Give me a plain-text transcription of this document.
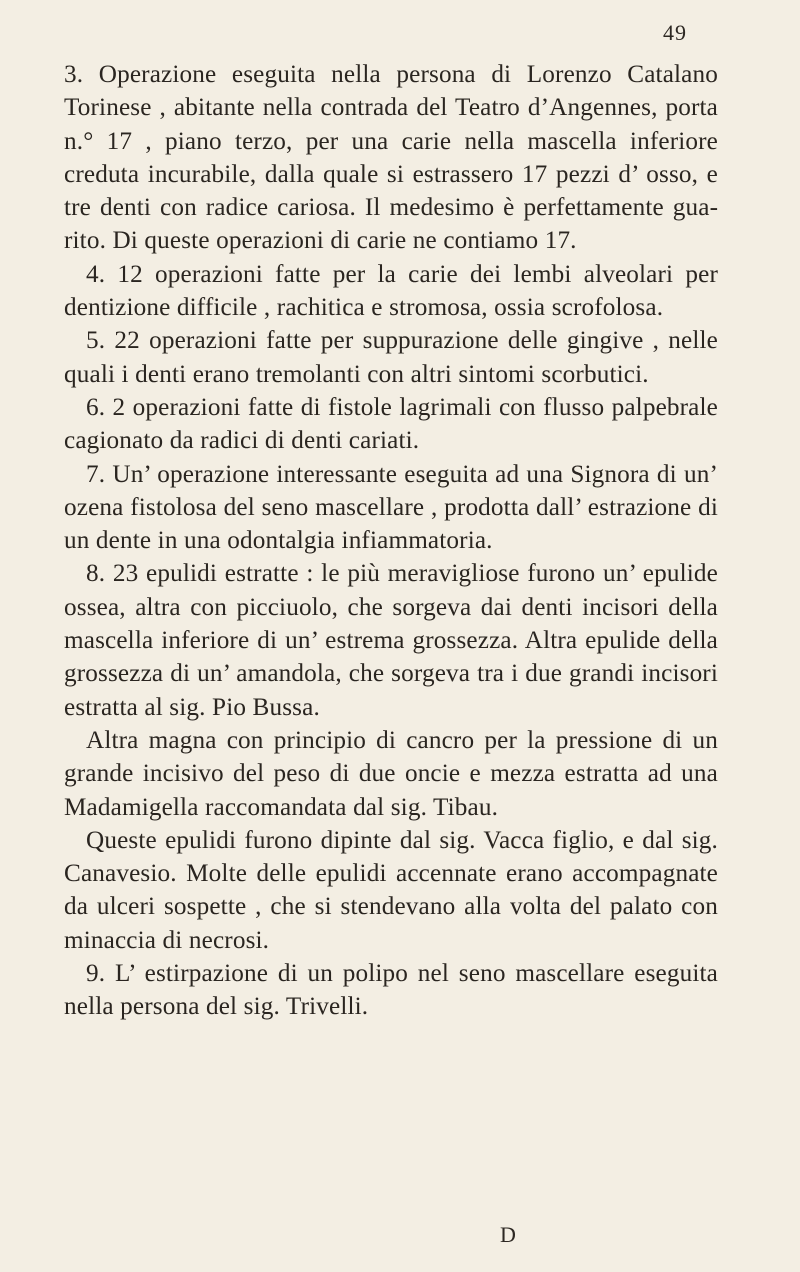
49

3. Operazione eseguita nella persona di Lorenzo Catalano Torinese , abitante nella contrada del Teatro d’Angennes, porta n.° 17 , piano terzo, per una carie nella mascella inferiore creduta incurabile, dalla quale si estrassero 17 pezzi d’ osso, e tre denti con radice cariosa. Il medesimo è perfettamente guarito. Di queste operazioni di carie ne contiamo 17.

4. 12 operazioni fatte per la carie dei lembi alveolari per dentizione difficile , rachitica e stromosa, ossia scrofolosa.

5. 22 operazioni fatte per suppurazione delle gingive , nelle quali i denti erano tremolanti con altri sintomi scorbutici.

6. 2 operazioni fatte di fistole lagrimali con flusso palpebrale cagionato da radici di denti cariati.

7. Un’ operazione interessante eseguita ad una Signora di un’ ozena fistolosa del seno mascellare , prodotta dall’ estrazione di un dente in una odontalgia infiammatoria.

8. 23 epulidi estratte : le più meravigliose furono un’ epulide ossea, altra con picciuolo, che sorgeva dai denti incisori della mascella inferiore di un’ estrema grossezza. Altra epulide della grossezza di un’ amandola, che sorgeva tra i due grandi incisori estratta al sig. Pio Bussa.

Altra magna con principio di cancro per la pressione di un grande incisivo del peso di due oncie e mezza estratta ad una Madamigella raccomandata dal sig. Tibau.

Queste epulidi furono dipinte dal sig. Vacca figlio, e dal sig. Canavesio. Molte delle epulidi accennate erano accompagnate da ulceri sospette , che si stendevano alla volta del palato con minaccia di necrosi.

9. L’ estirpazione di un polipo nel seno mascellare eseguita nella persona del sig. Trivelli.

D
